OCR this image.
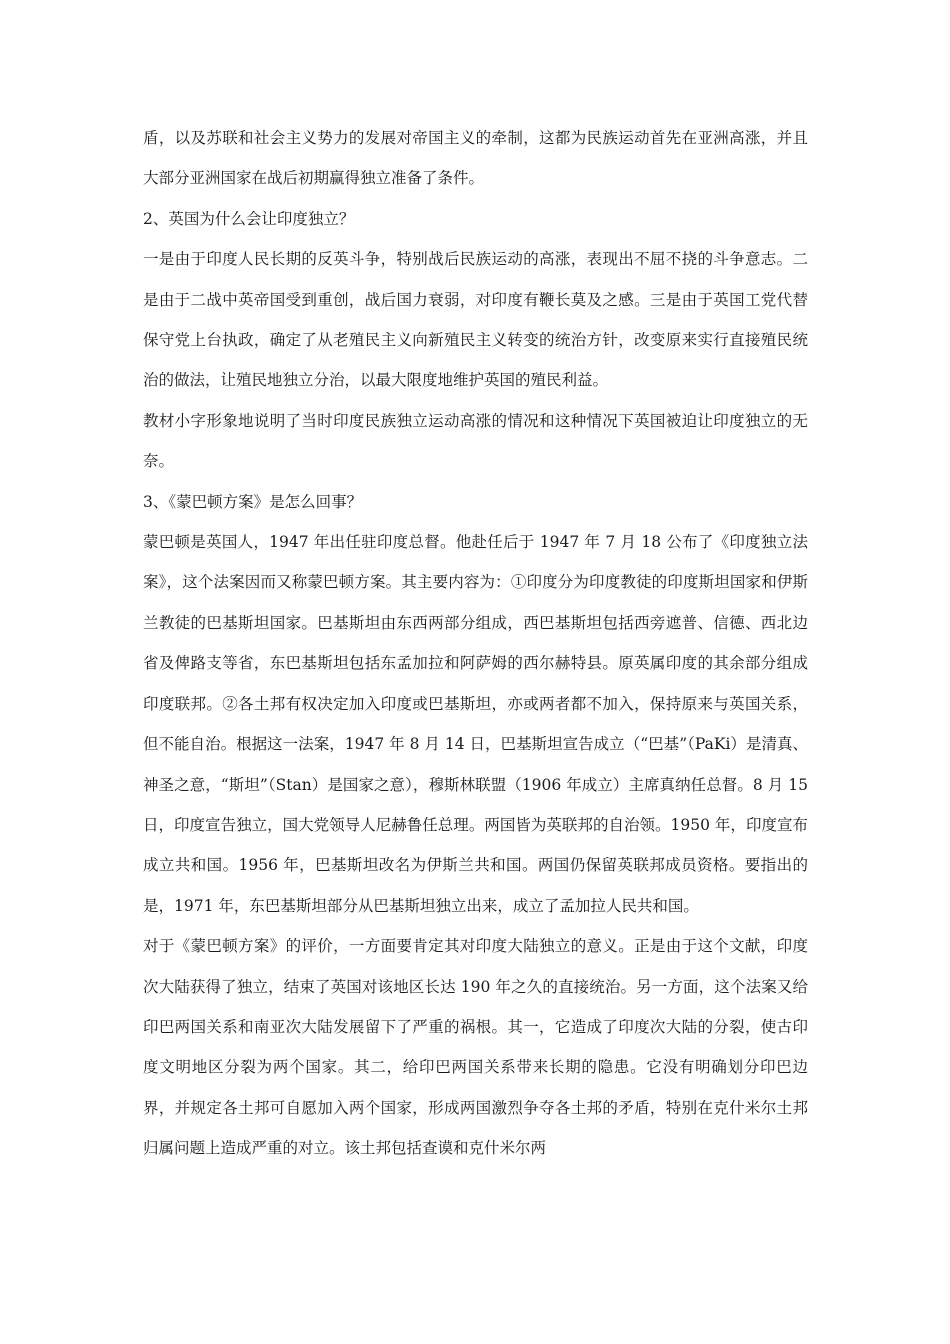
盾，以及苏联和社会主义势力的发展对帝国主义的牵制，这都为民族运动首先在亚洲高涨，并且大部分亚洲国家在战后初期赢得独立准备了条件。

2、英国为什么会让印度独立？

一是由于印度人民长期的反英斗争，特别战后民族运动的高涨，表现出不屈不挠的斗争意志。二是由于二战中英帝国受到重创，战后国力衰弱，对印度有鞭长莫及之感。三是由于英国工党代替保守党上台执政，确定了从老殖民主义向新殖民主义转变的统治方针，改变原来实行直接殖民统治的做法，让殖民地独立分治，以最大限度地维护英国的殖民利益。

教材小字形象地说明了当时印度民族独立运动高涨的情况和这种情况下英国被迫让印度独立的无奈。

3、《蒙巴顿方案》是怎么回事？

蒙巴顿是英国人，1947 年出任驻印度总督。他赴任后于 1947 年 7 月 18 公布了《印度独立法案》，这个法案因而又称蒙巴顿方案。其主要内容为：①印度分为印度教徒的印度斯坦国家和伊斯兰教徒的巴基斯坦国家。巴基斯坦由东西两部分组成，西巴基斯坦包括西旁遮普、信德、西北边省及俾路支等省，东巴基斯坦包括东孟加拉和阿萨姆的西尔赫特县。原英属印度的其余部分组成印度联邦。②各土邦有权决定加入印度或巴基斯坦，亦或两者都不加入，保持原来与英国关系，但不能自治。根据这一法案，1947 年 8 月 14 日，巴基斯坦宣告成立（“巴基”（PaKi）是清真、神圣之意，“斯坦”（Stan）是国家之意），穆斯林联盟（1906 年成立）主席真纳任总督。8 月 15 日，印度宣告独立，国大党领导人尼赫鲁任总理。两国皆为英联邦的自治领。1950 年，印度宣布成立共和国。1956 年，巴基斯坦改名为伊斯兰共和国。两国仍保留英联邦成员资格。要指出的是，1971 年，东巴基斯坦部分从巴基斯坦独立出来，成立了孟加拉人民共和国。

对于《蒙巴顿方案》的评价，一方面要肯定其对印度大陆独立的意义。正是由于这个文献，印度次大陆获得了独立，结束了英国对该地区长达 190 年之久的直接统治。另一方面，这个法案又给印巴两国关系和南亚次大陆发展留下了严重的祸根。其一，它造成了印度次大陆的分裂，使古印度文明地区分裂为两个国家。其二，给印巴两国关系带来长期的隐患。它没有明确划分印巴边界，并规定各土邦可自愿加入两个国家，形成两国激烈争夺各土邦的矛盾，特别在克什米尔土邦归属问题上造成严重的对立。该土邦包括查谟和克什米尔两
